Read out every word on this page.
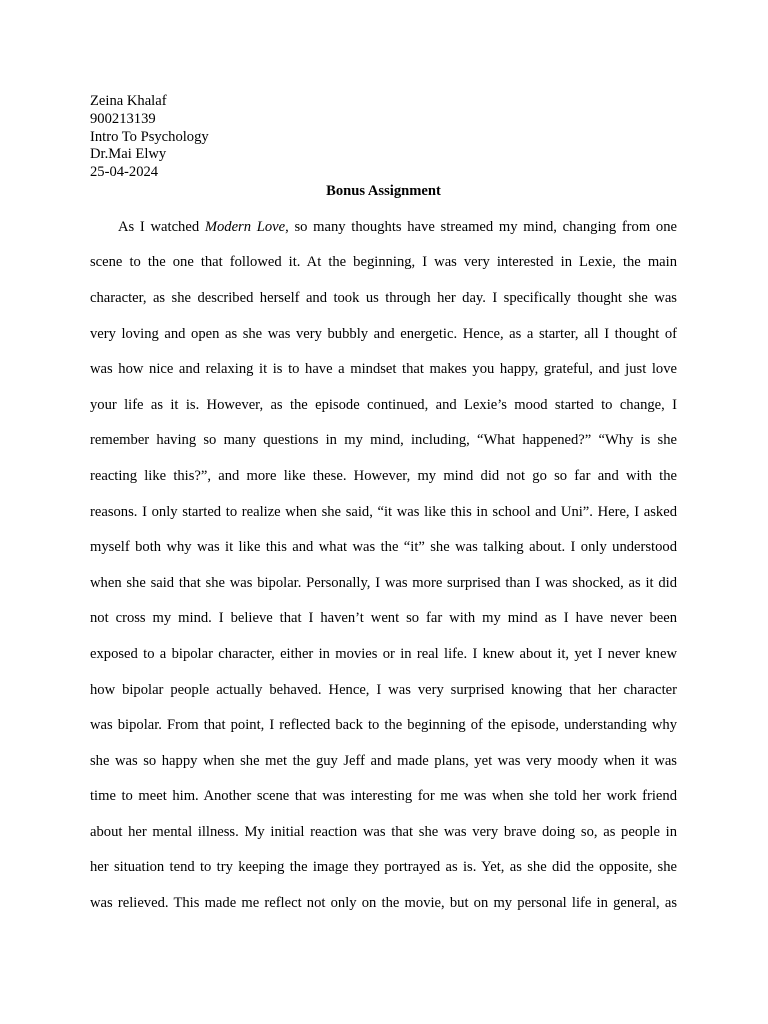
Zeina Khalaf
900213139
Intro To Psychology
Dr.Mai Elwy
25-04-2024
Bonus Assignment
As I watched Modern Love, so many thoughts have streamed my mind, changing from one
scene to the one that followed it. At the beginning, I was very interested in Lexie, the main
character, as she described herself and took us through her day. I specifically thought she was
very loving and open as she was very bubbly and energetic. Hence, as a starter, all I thought of
was how nice and relaxing it is to have a mindset that makes you happy, grateful, and just love
your life as it is. However, as the episode continued, and Lexie’s mood started to change, I
remember having so many questions in my mind, including, “What happened?” “Why is she
reacting like this?”, and more like these. However, my mind did not go so far and with the
reasons. I only started to realize when she said, “it was like this in school and Uni”. Here, I asked
myself both why was it like this and what was the “it” she was talking about. I only understood
when she said that she was bipolar. Personally, I was more surprised than I was shocked, as it did
not cross my mind. I believe that I haven’t went so far with my mind as I have never been
exposed to a bipolar character, either in movies or in real life. I knew about it, yet I never knew
how bipolar people actually behaved. Hence, I was very surprised knowing that her character
was bipolar. From that point, I reflected back to the beginning of the episode, understanding why
she was so happy when she met the guy Jeff and made plans, yet was very moody when it was
time to meet him. Another scene that was interesting for me was when she told her work friend
about her mental illness. My initial reaction was that she was very brave doing so, as people in
her situation tend to try keeping the image they portrayed as is. Yet, as she did the opposite, she
was relieved. This made me reflect not only on the movie, but on my personal life in general, as
